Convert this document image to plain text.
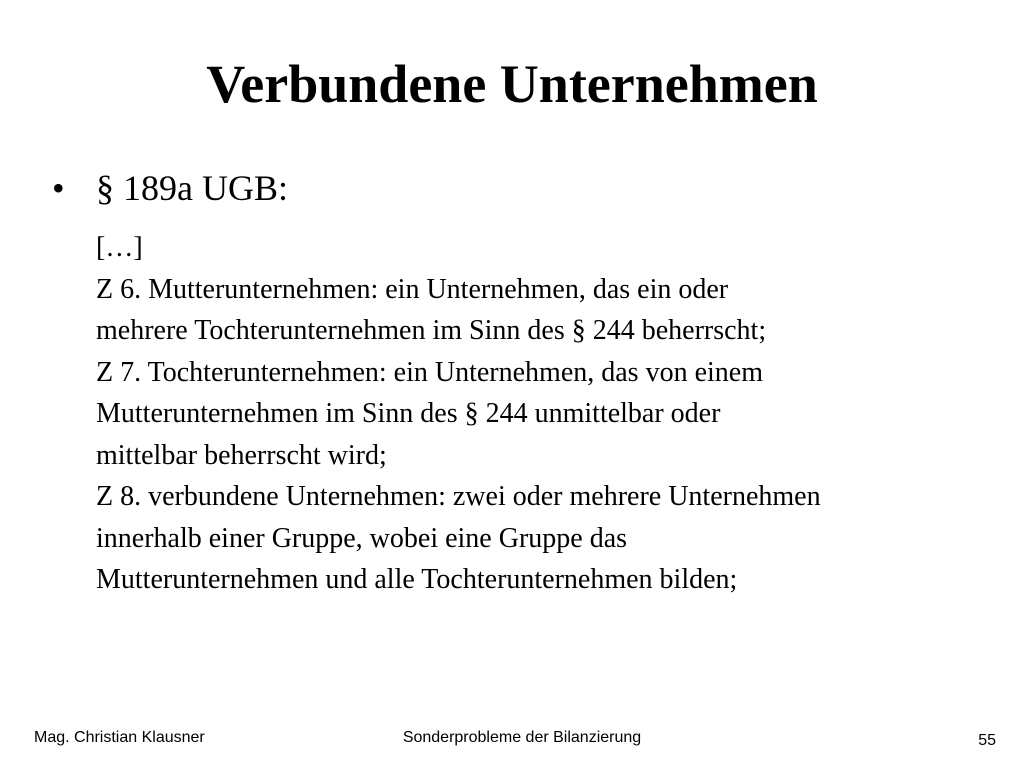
Verbundene Unternehmen
• § 189a UGB:
[…]
Z 6. Mutterunternehmen: ein Unternehmen, das ein oder
mehrere Tochterunternehmen im Sinn des § 244 beherrscht;
Z 7. Tochterunternehmen: ein Unternehmen, das von einem
Mutterunternehmen im Sinn des § 244 unmittelbar oder
mittelbar beherrscht wird;
Z 8. verbundene Unternehmen: zwei oder mehrere Unternehmen
innerhalb einer Gruppe, wobei eine Gruppe das
Mutterunternehmen und alle Tochterunternehmen bilden;
Mag. Christian Klausner	Sonderprobleme der Bilanzierung	55
